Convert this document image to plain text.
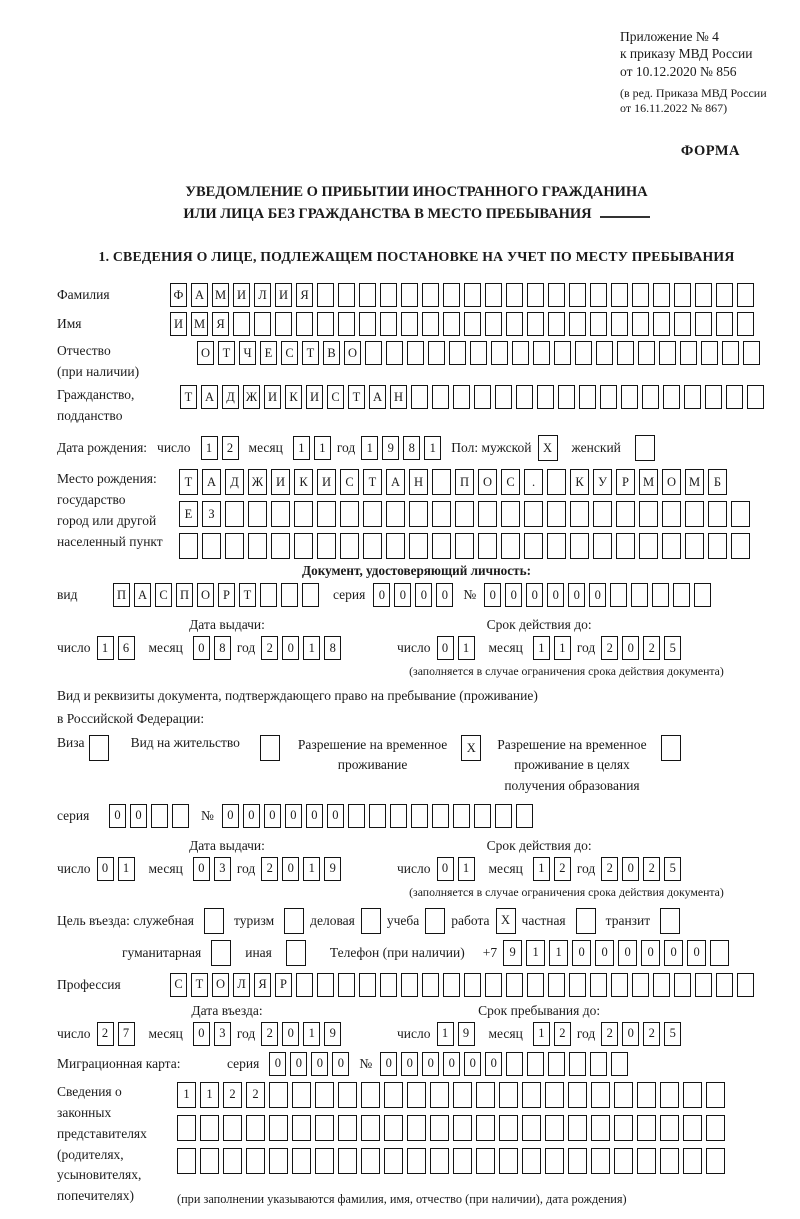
Приложение № 4
к приказу МВД России
от 10.12.2020 № 856
(в ред. Приказа МВД России
от 16.11.2022 № 867)
ФОРМА
УВЕДОМЛЕНИЕ О ПРИБЫТИИ ИНОСТРАННОГО ГРАЖДАНИНА
ИЛИ ЛИЦА БЕЗ ГРАЖДАНСТВА В МЕСТО ПРЕБЫВАНИЯ
1. СВЕДЕНИЯ О ЛИЦЕ, ПОДЛЕЖАЩЕМ ПОСТАНОВКЕ НА УЧЕТ ПО МЕСТУ ПРЕБЫВАНИЯ
Фамилия	Ф А М И Л И Я
Имя	И М Я
Отчество
(при наличии)
О	Т	Ч	Е	С	Т	В О
Гражданство,
подданство
Т	А Д Ж И К И С	Т	А Н
Дата рождения: число	1	2	месяц	1	1 год 1	9	8	1	Пол: мужской X	женский
Место рождения:
государство
город или другой
населенный пункт
Т	А	Д	Ж	И	К	И	С	Т	А	Н	П	О	С	.	К	У	Р	М	О	М	Б
Е	З
Документ, удостоверяющий личность:
вид	П А С П О	Р	Т	серия	0	0	0	0	№	0	0	0	0	0	0
Дата выдачи:
число 1	6	месяц	0	8 год 2	0	1	8
Срок действия до:
число 0	1	месяц	1	1 год 2	0	2	5
(заполняется в случае ограничения срока действия документа)
Вид и реквизиты документа, подтверждающего право на пребывание (проживание)
в Российской Федерации:
Виза	Вид на жительство	Разрешение на временное
проживание
X	Разрешение на временное
проживание в целях
получения образования
серия	0	0	№	0	0	0	0	0	0
Дата выдачи:
число 0	1	месяц	0	3 год 2	0	1	9
Срок действия до:
число 0	1	месяц	1	2 год 2	0	2	5
(заполняется в случае ограничения срока действия документа)
Цель въезда: служебная	туризм	деловая учеба работа X частная	транзит
гуманитарная	иная	Телефон (при наличии) +7 9	1	1	0	0	0	0	0	0
Профессия	С	Т	О Л	Я	Р
Дата въезда:
число 2	7	месяц	0	3 год 2	0	1	9
Срок пребывания до:
число 1	9	месяц	1	2 год 2	0	2	5
Миграционная карта:	серия	0	0	0	0	№	0	0	0	0	0	0
Сведения о
законных
представителях
(родителях,
усыновителях,
попечителях)
1	1	2	2
(при заполнении указываются фамилия, имя, отчество (при наличии), дата рождения)
